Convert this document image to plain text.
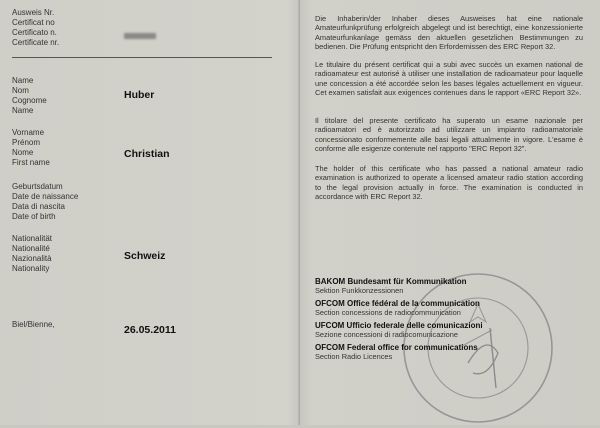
Ausweis Nr.
Certificat no
Certificato n.
Certificate nr.
Name
Nom
Cognome
Name
Huber
Vorname
Prénom
Nome
First name
Christian
Geburtsdatum
Date de naissance
Data di nascita
Date of birth
Nationalität
Nationalité
Nazionalità
Nationality
Schweiz
Biel/Bienne,	26.05.2011
Die Inhaberin/der Inhaber dieses Ausweises hat eine nationale Amateurfunkprüfung erfolgreich abgelegt und ist berechtigt, eine konzessionierte Amateurfunkanlage gemäss den aktuellen gesetzlichen Bestimmungen zu bedienen. Die Prüfung entspricht den Erfordernissen des ERC Report 32.
Le titulaire du présent certificat qui a subi avec succès un examen national de radioamateur est autorisé à utiliser une installation de radioamateur pour laquelle une concession a été accordée selon les bases légales actuellement en vigueur. Cet examen satisfait aux exigences contenues dans le rapport «ERC Report 32».
Il titolare del presente certificato ha superato un esame nazionale per radioamatori ed è autorizzato ad utilizzare un impianto radioamatoriale concessionato conformemente alle basi legali attualmente in vigore. L'esame è conforme alle esigenze contenute nel rapporto "ERC Report 32".
The holder of this certificate who has passed a national amateur radio examination is authorized to operate a licensed amateur radio station according to the legal provision actually in force. The examination is conducted in accordance with ERC Report 32.
BAKOM Bundesamt für Kommunikation
Sektion Funkkonzessionen
OFCOM Office fédéral de la communication
Section concessions de radiocommunication
UFCOM Ufficio federale delle comunicazioni
Sezione concessioni di radiocomunicazione
OFCOM Federal office for communications
Section Radio Licences
